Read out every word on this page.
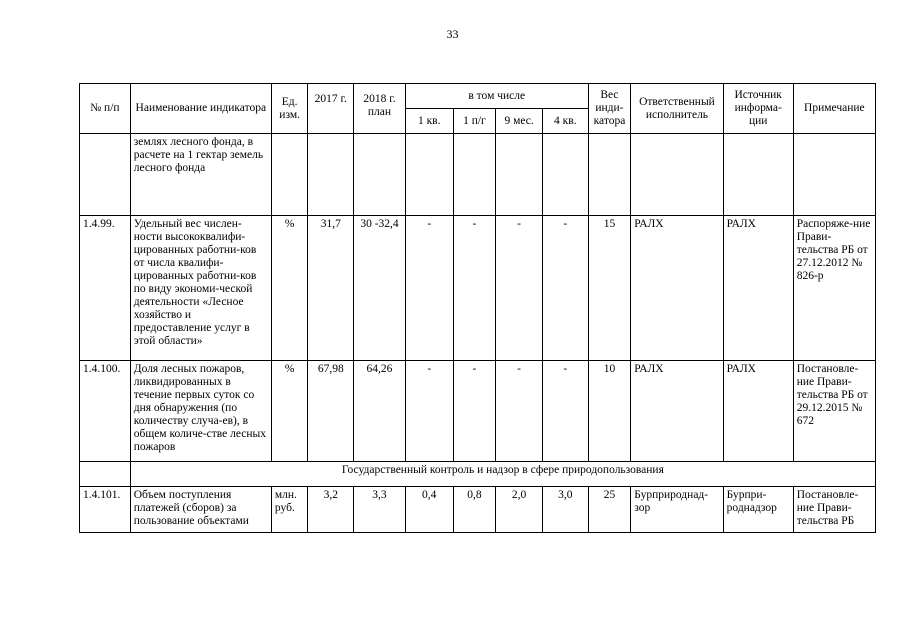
33
№ п/п	Наименование индикатора	Ед. изм.	2017 г.	2018 г. план	в том числе				Вес инди-катора	Ответственный исполнитель	Источник информа-ции	Примечание
					1 кв.	1 п/г	9 мес.	4 кв.				
	землях лесного фонда, в расчете на 1 гектар земель лесного фонда											
1.4.99.	Удельный вес числен-ности высококвалифи-цированных работни-ков от числа квалифи-цированных работни-ков по виду экономи-ческой деятельности «Лесное хозяйство и предоставление услуг в этой области»	%	31,7	30 -32,4	-	-	-	-	15	РАЛХ	РАЛХ	Распоряже-ние Прави-тельства РБ от 27.12.2012 № 826-р
1.4.100.	Доля лесных пожаров, ликвидированных в течение первых суток со дня обнаружения (по количеству случа-ев), в общем количе-стве лесных пожаров	%	67,98	64,26	-	-	-	-	10	РАЛХ	РАЛХ	Постановле-ние Прави-тельства РБ от 29.12.2015 № 672
	Государственный контроль и надзор в сфере природопользования											
1.4.101.	Объем поступления платежей (сборов) за пользование объектами	млн. руб.	3,2	3,3	0,4	0,8	2,0	3,0	25	Бурприроднад-зор	Бурпри-роднадзор	Постановле-ние Прави-тельства РБ
